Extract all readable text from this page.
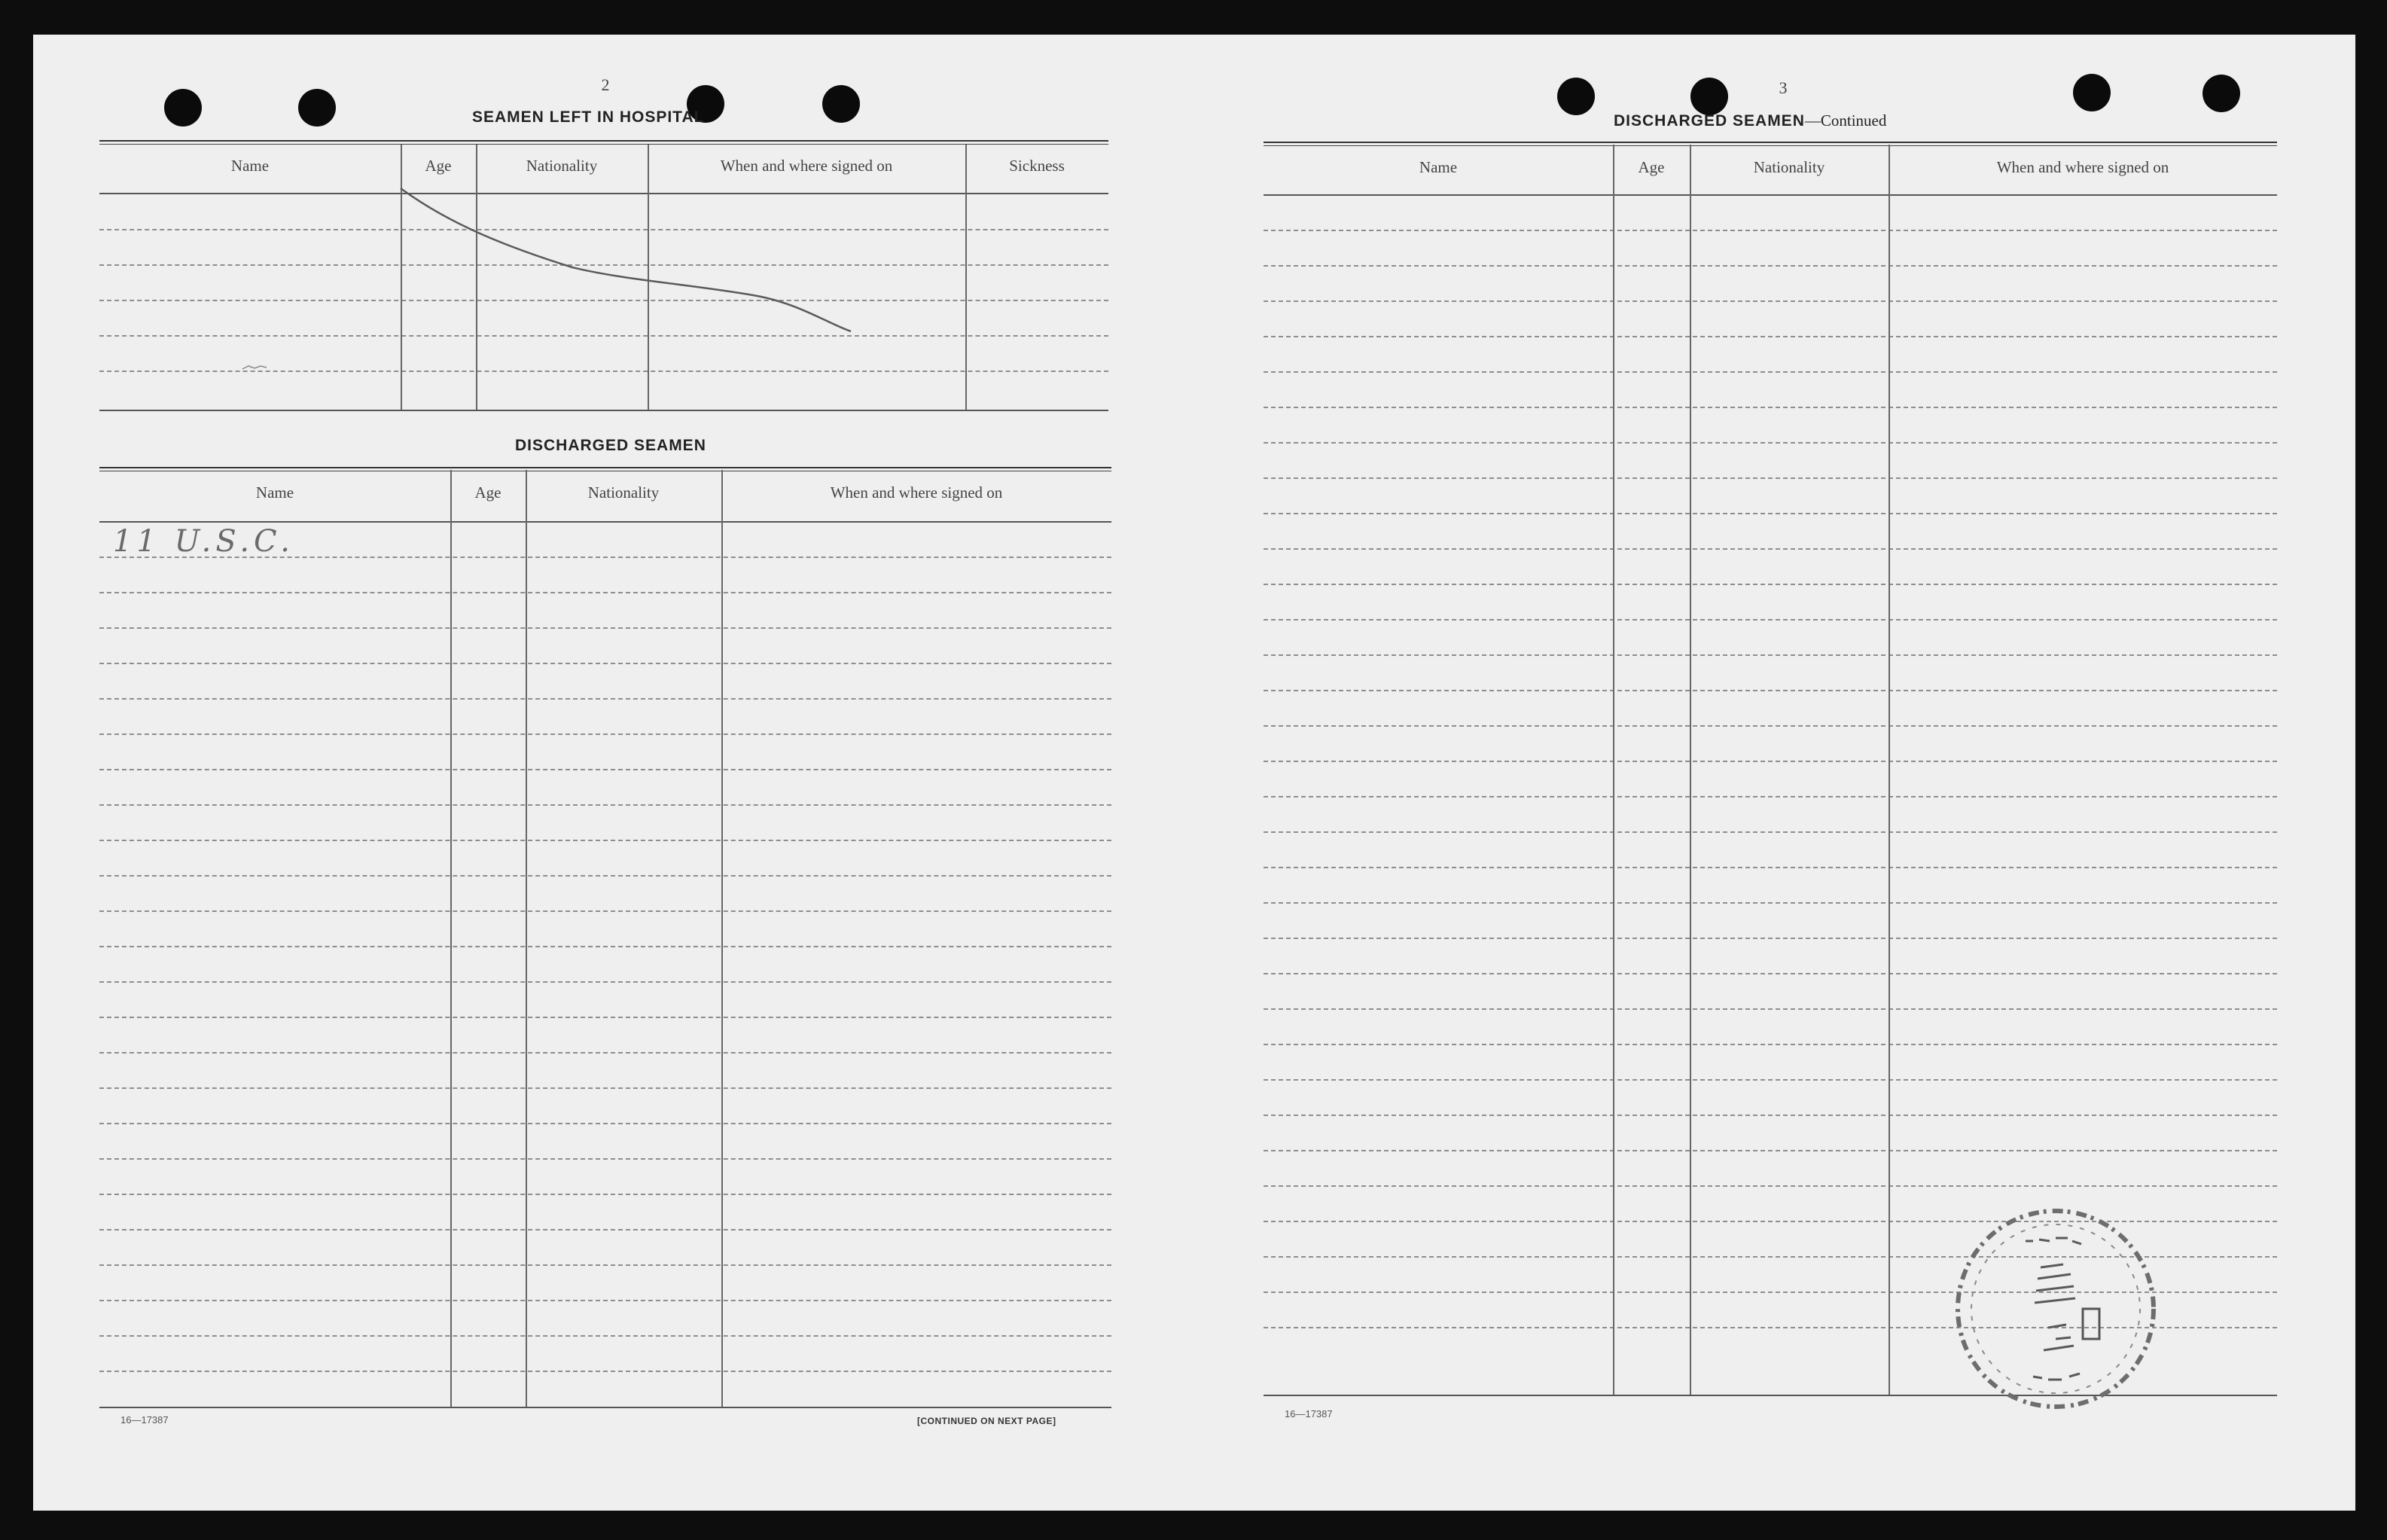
2
SEAMEN LEFT IN HOSPITAL
Name	Age	Nationality	When and where signed on	Sickness
DISCHARGED SEAMEN
Name	Age	Nationality	When and where signed on
11 U.S.C.
16—17387	[CONTINUED ON NEXT PAGE]
3
DISCHARGED SEAMEN—Continued
Name	Age	Nationality	When and where signed on
16—17387
